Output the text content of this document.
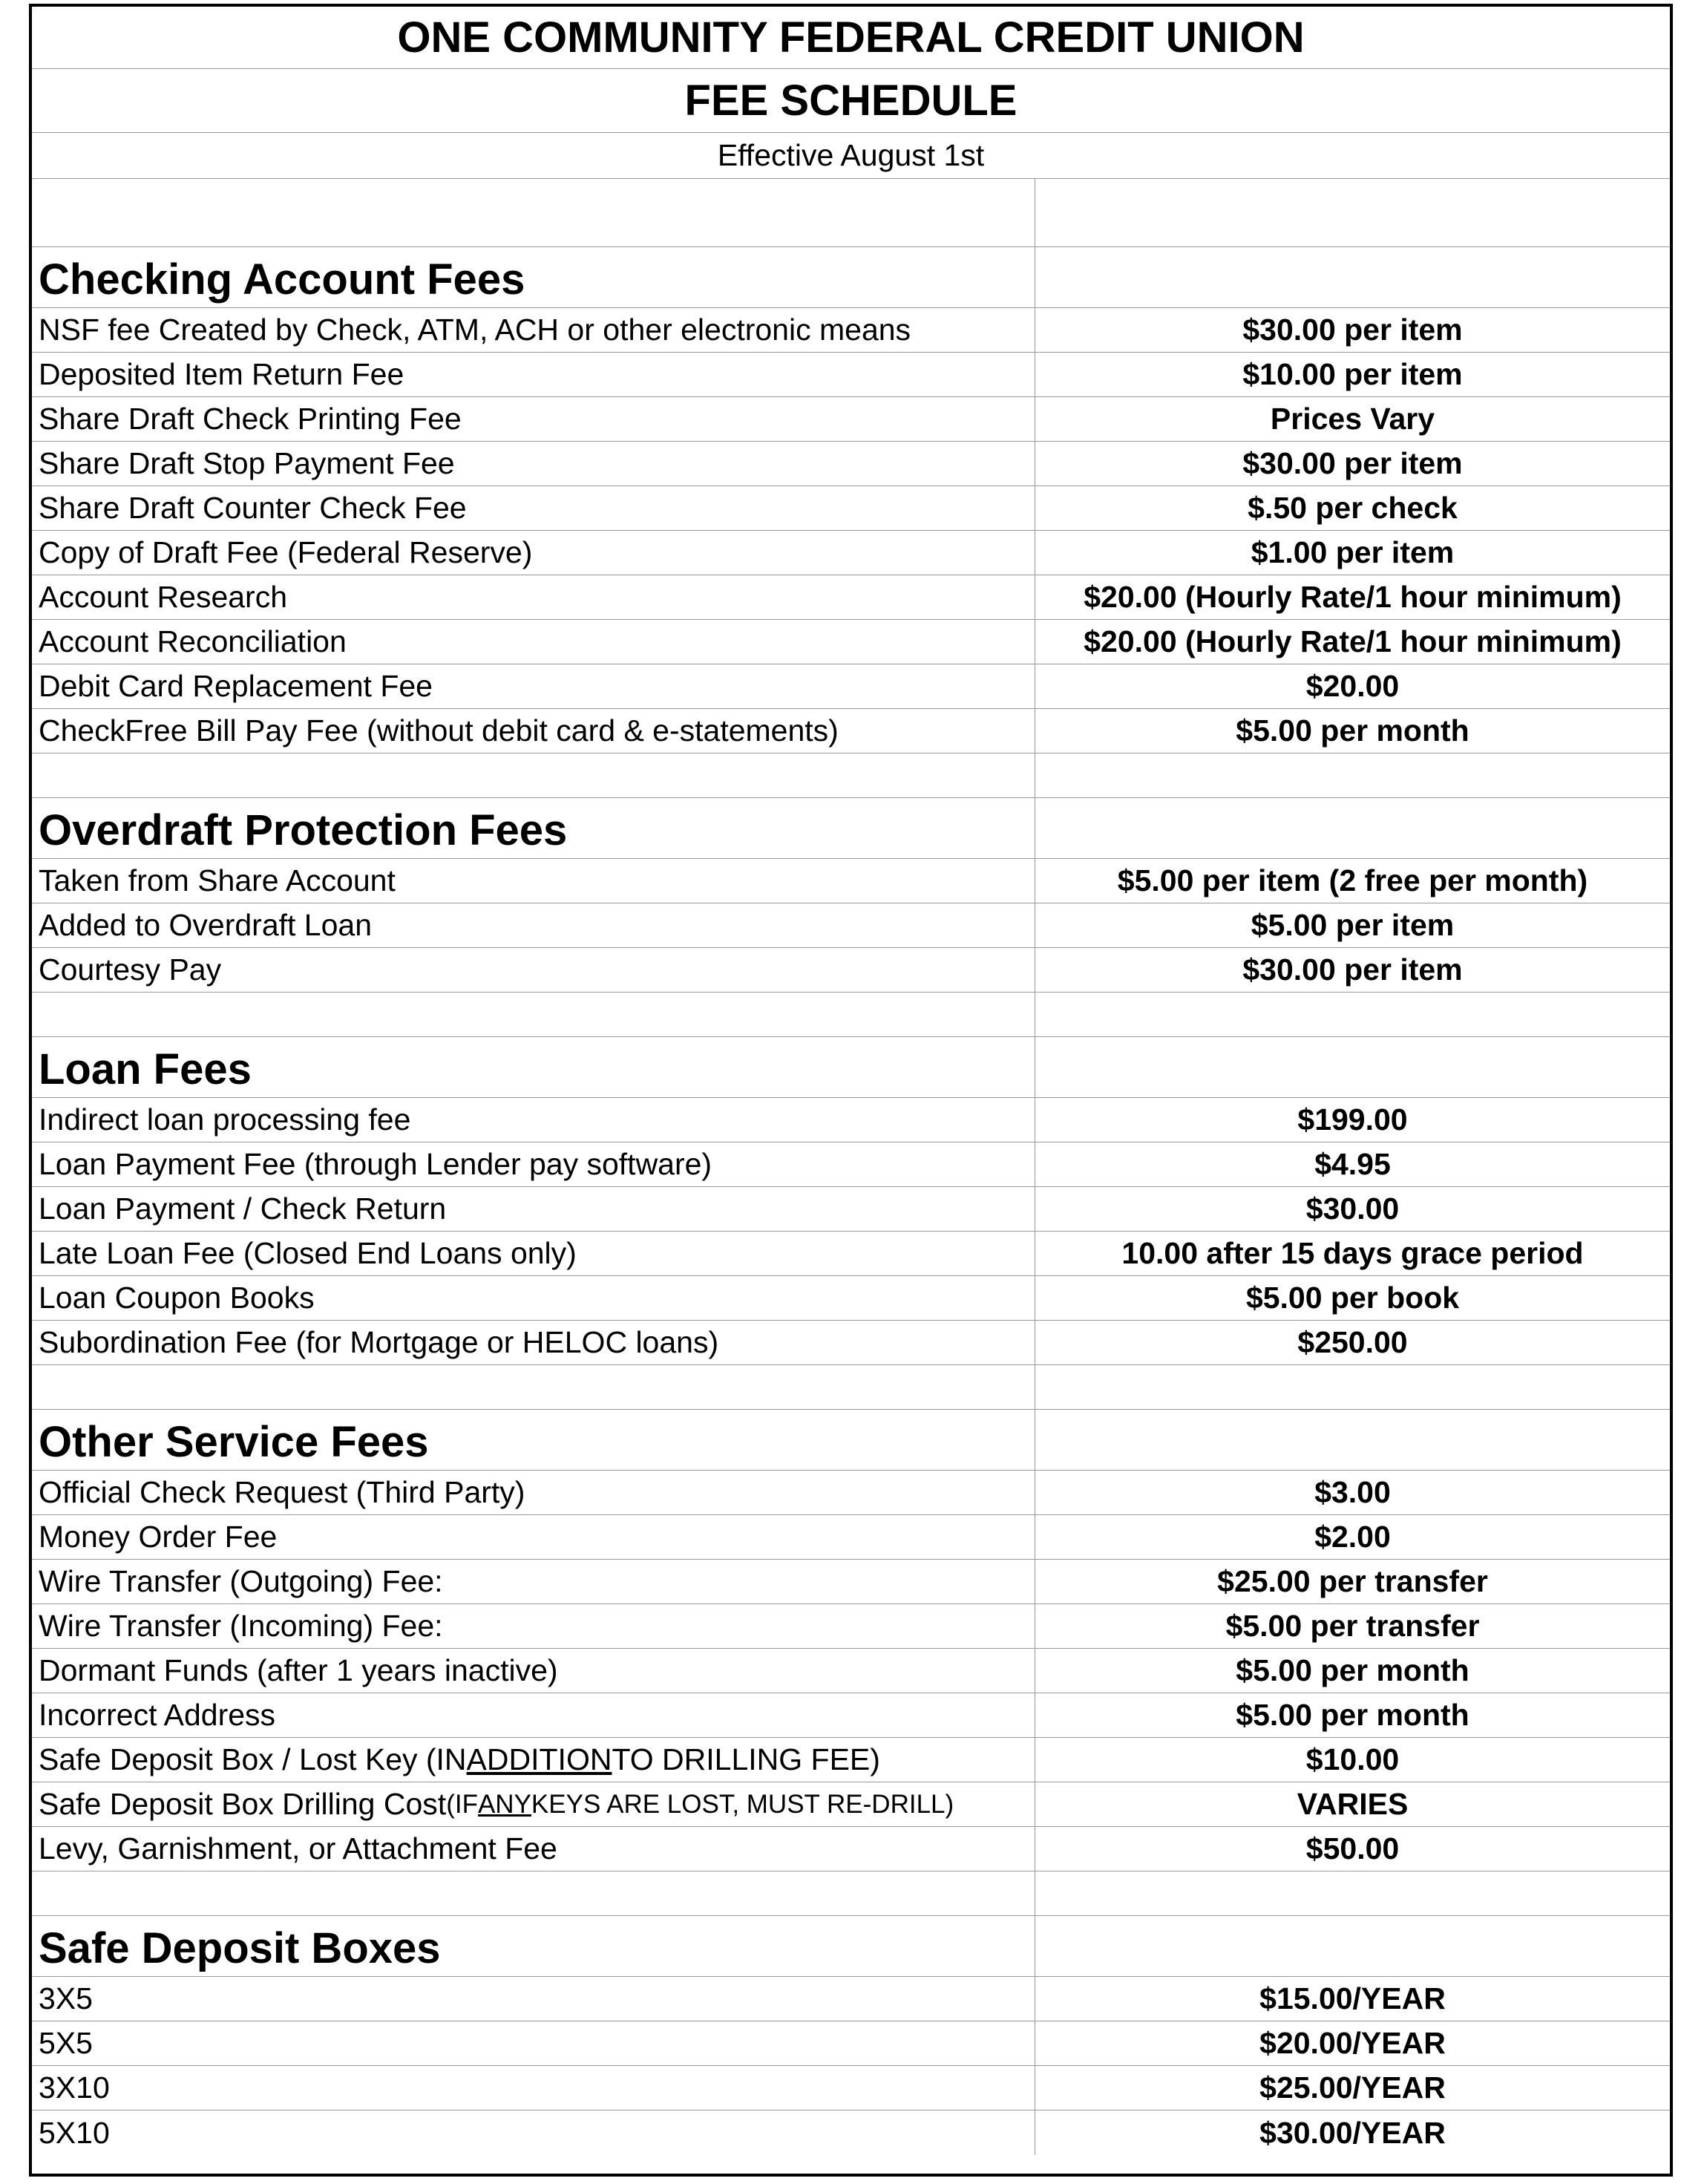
ONE COMMUNITY FEDERAL CREDIT UNION
FEE SCHEDULE
Effective August 1st
Checking Account Fees
NSF fee Created by Check, ATM, ACH or other electronic means	$30.00 per item
Deposited Item Return Fee	$10.00 per item
Share Draft Check Printing Fee	Prices Vary
Share Draft Stop Payment Fee	$30.00 per item
Share Draft Counter Check Fee	$.50 per check
Copy of Draft Fee (Federal Reserve)	$1.00 per item
Account Research	$20.00 (Hourly Rate/1 hour minimum)
Account Reconciliation	$20.00 (Hourly Rate/1 hour minimum)
Debit Card Replacement Fee	$20.00
CheckFree Bill Pay Fee (without debit card & e-statements)	$5.00 per month
Overdraft Protection Fees
Taken from Share Account	$5.00 per item (2 free per month)
Added to Overdraft Loan	$5.00 per item
Courtesy Pay	$30.00 per item
Loan Fees
Indirect loan processing fee	$199.00
Loan Payment Fee (through Lender pay software)	$4.95
Loan Payment / Check Return	$30.00
Late Loan Fee (Closed End Loans only)	10.00 after 15 days grace period
Loan Coupon Books	$5.00 per book
Subordination Fee (for Mortgage or HELOC loans)	$250.00
Other Service Fees
Official Check Request (Third Party)	$3.00
Money Order Fee	$2.00
Wire Transfer (Outgoing) Fee:	$25.00 per transfer
Wire Transfer (Incoming) Fee:	$5.00 per transfer
Dormant Funds (after 1 years inactive)	$5.00 per month
Incorrect Address	$5.00 per month
Safe Deposit Box / Lost Key (IN ADDITION TO DRILLING FEE)	$10.00
Safe Deposit Box Drilling Cost (IF ANY KEYS ARE LOST, MUST RE-DRILL)	VARIES
Levy, Garnishment, or Attachment Fee	$50.00
Safe Deposit Boxes
3X5	$15.00/YEAR
5X5	$20.00/YEAR
3X10	$25.00/YEAR
5X10	$30.00/YEAR
